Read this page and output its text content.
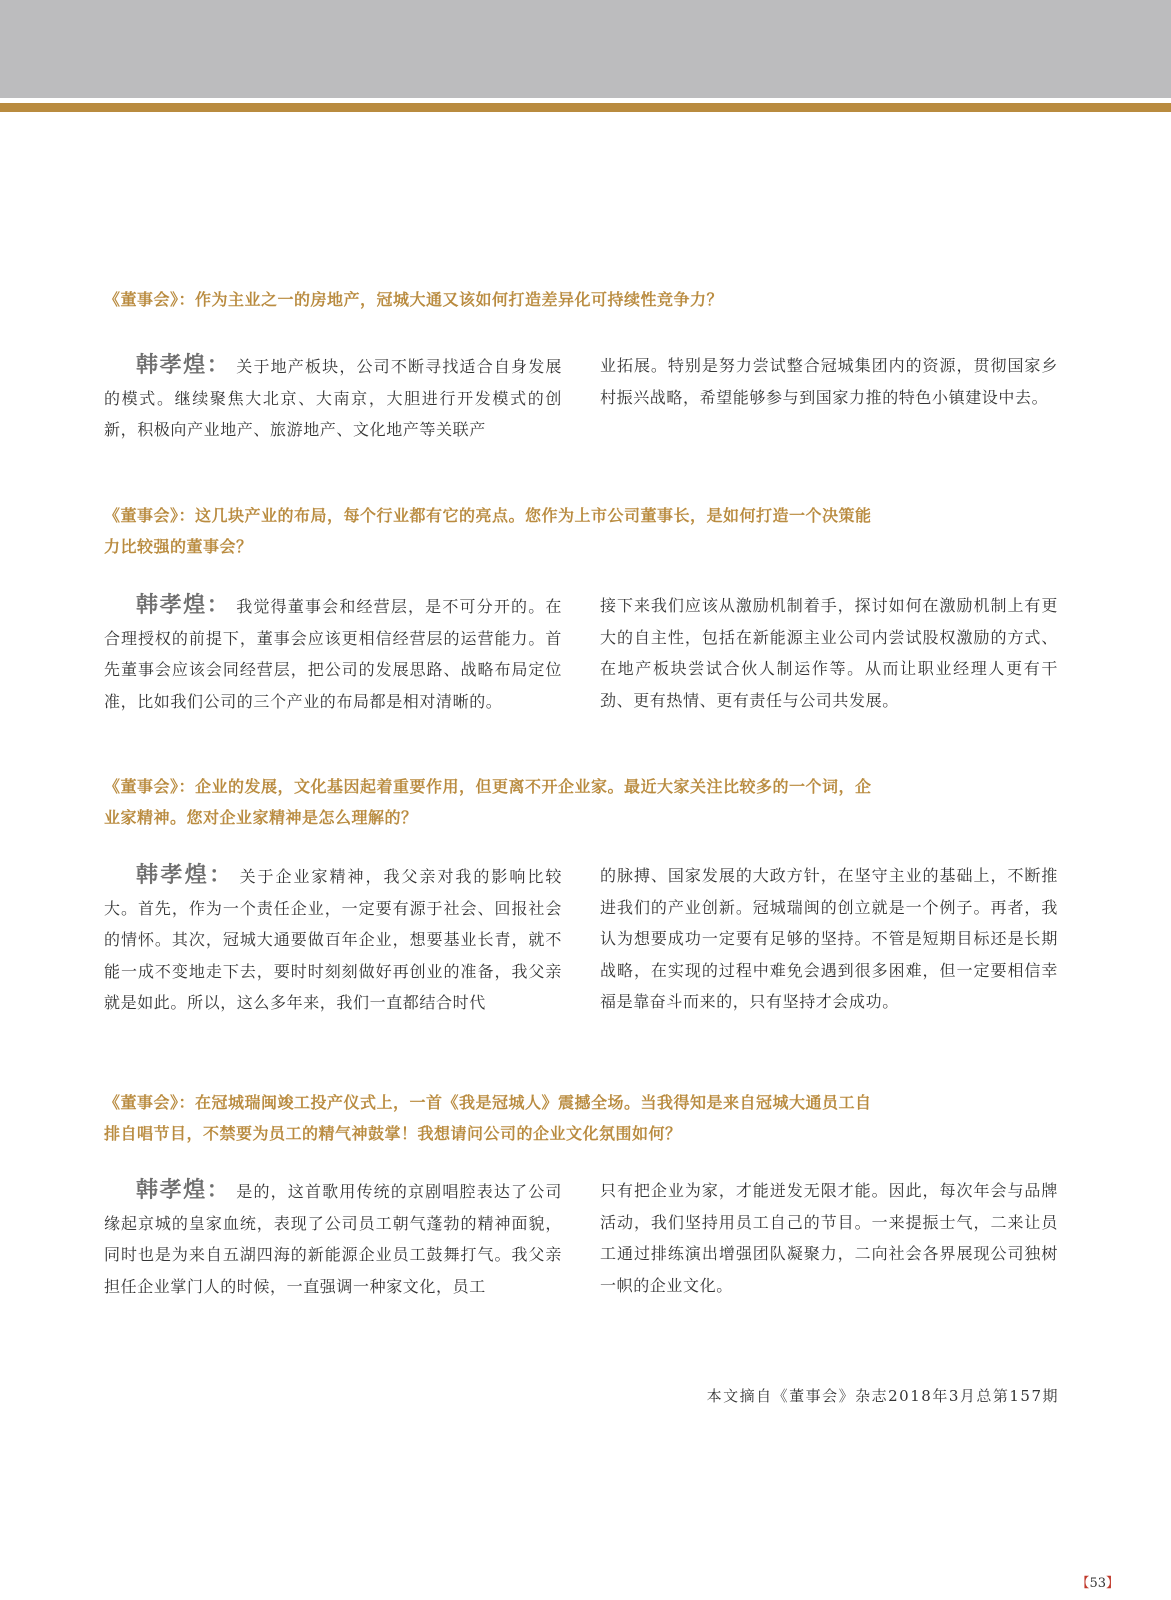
《董事会》：作为主业之一的房地产，冠城大通又该如何打造差异化可持续性竞争力？
韩孝煌： 关于地产板块，公司不断寻找适合自身发展的模式。继续聚焦大北京、大南京，大胆进行开发模式的创新，积极向产业地产、旅游地产、文化地产等关联产
业拓展。特别是努力尝试整合冠城集团内的资源，贯彻国家乡村振兴战略，希望能够参与到国家力推的特色小镇建设中去。
《董事会》：这几块产业的布局，每个行业都有它的亮点。您作为上市公司董事长，是如何打造一个决策能力比较强的董事会？
韩孝煌： 我觉得董事会和经营层，是不可分开的。在合理授权的前提下，董事会应该更相信经营层的运营能力。首先董事会应该会同经营层，把公司的发展思路、战略布局定位准，比如我们公司的三个产业的布局都是相对清晰的。
接下来我们应该从激励机制着手，探讨如何在激励机制上有更大的自主性，包括在新能源主业公司内尝试股权激励的方式、在地产板块尝试合伙人制运作等。从而让职业经理人更有干劲、更有热情、更有责任与公司共发展。
《董事会》：企业的发展，文化基因起着重要作用，但更离不开企业家。最近大家关注比较多的一个词，企业家精神。您对企业家精神是怎么理解的？
韩孝煌： 关于企业家精神，我父亲对我的影响比较大。首先，作为一个责任企业，一定要有源于社会、回报社会的情怀。其次，冠城大通要做百年企业，想要基业长青，就不能一成不变地走下去，要时时刻刻做好再创业的准备，我父亲就是如此。所以，这么多年来，我们一直都结合时代
的脉搏、国家发展的大政方针，在坚守主业的基础上，不断推进我们的产业创新。冠城瑞闽的创立就是一个例子。再者，我认为想要成功一定要有足够的坚持。不管是短期目标还是长期战略，在实现的过程中难免会遇到很多困难，但一定要相信幸福是靠奋斗而来的，只有坚持才会成功。
《董事会》：在冠城瑞闽竣工投产仪式上，一首《我是冠城人》震撼全场。当我得知是来自冠城大通员工自排自唱节目，不禁要为员工的精气神鼓掌！我想请问公司的企业文化氛围如何？
韩孝煌： 是的，这首歌用传统的京剧唱腔表达了公司缘起京城的皇家血统，表现了公司员工朝气蓬勃的精神面貌，同时也是为来自五湖四海的新能源企业员工鼓舞打气。我父亲担任企业掌门人的时候，一直强调一种家文化，员工
只有把企业为家，才能迸发无限才能。因此，每次年会与品牌活动，我们坚持用员工自己的节目。一来提振士气，二来让员工通过排练演出增强团队凝聚力，二向社会各界展现公司独树一帜的企业文化。
本文摘自《董事会》杂志2018年3月总第157期
【53】
